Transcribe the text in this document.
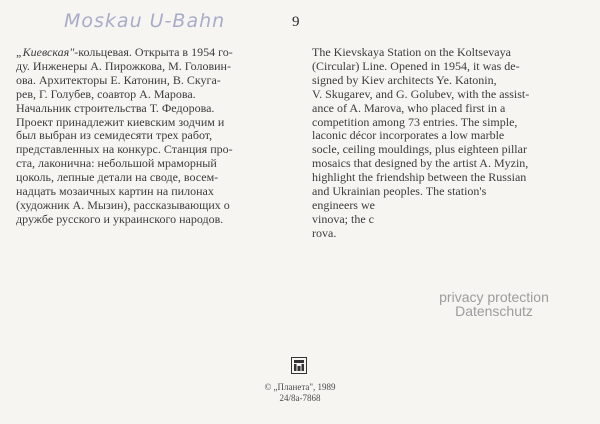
Moskau U-Bahn	9
„Киевская"-кольцевая. Открыта в 1954 го-
ду. Инженеры А. Пирожкова, М. Головин-
ова. Архитекторы Е. Катонин, В. Скуга-
рев, Г. Голубев, соавтор А. Марова.
Начальник строительства Т. Федорова.
Проект принадлежит киевским зодчим и
был выбран из семидесяти трех работ,
представленных на конкурс. Станция про-
ста, лаконична: небольшой мраморный
цоколь, лепные детали на своде, восем-
надцать мозаичных картин на пилонах
(художник А. Мызин), рассказывающих о
дружбе русского и украинского народов.
The Kievskaya Station on the Koltsevaya
(Circular) Line. Opened in 1954, it was de-
signed by Kiev architects Ye. Katonin,
V. Skugarev, and G. Golubev, with the assist-
ance of A. Marova, who placed first in a
competition among 73 entries. The simple,
laconic décor incorporates a low marble
socle, ceiling mouldings, plus eighteen pillar
mosaics that designed by the artist A. Myzin,
highlight the friendship between the Russian
and Ukrainian peoples. The station's
engineers we
vinova; the c
rova.
privacy protection
Datenschutz
© „Планета", 1989
24/8а-7868
